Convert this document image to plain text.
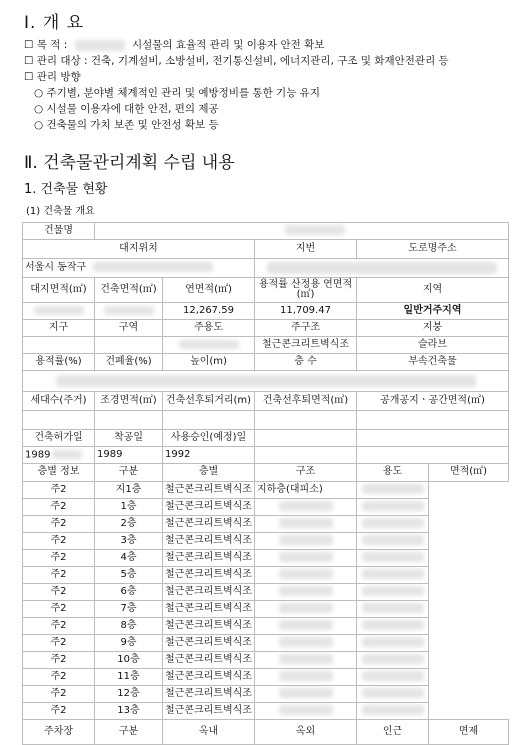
Ⅰ. 개 요
☐ 목 적 :	시설물의 효율적 관리 및 이용자 안전 확보
☐ 관리 대상 : 건축, 기계설비, 소방설비, 전기통신설비, 에너지관리, 구조 및 화재안전관리 등
☐ 관리 방향
○ 주기별, 분야별 체계적인 관리 및 예방정비를 통한 기능 유지
○ 시설물 이용자에 대한 안전, 편의 제공
○ 건축물의 가치 보존 및 안전성 확보 등
Ⅱ. 건축물관리계획 수립 내용
1. 건축물 현황
(1) 건축물 개요
건물명					
대지위치			지번	도로명주소	
서울시 동작구					
대지면적(㎡)	건축면적(㎡)	연면적(㎡)	용적률 산정용 연면적(㎡)	지역	
		12,267.59	11,709.47	일반거주지역	
지구	구역	주용도	주구조	지붕	
			철근콘크리트벽식조	슬라브	
용적률(%)	건폐율(%)	높이(m)	층 수	부속건축물	

세대수(주거)	조경면적(㎡)	건축선후퇴거리(m)	건축선후퇴면적(㎡)	공개공지ㆍ공간면적(㎡)	

건축허가일	착공일	사용승인(예정)일			
1989	1989	1992			
층별 정보	구분	층별	구조	용도	면적(㎡)
주2	지1층	철근콘크리트벽식조	지하층(대피소)		
주2	1층	철근콘크리트벽식조			
주2	2층	철근콘크리트벽식조			
주2	3층	철근콘크리트벽식조			
주2	4층	철근콘크리트벽식조			
주2	5층	철근콘크리트벽식조			
주2	6층	철근콘크리트벽식조			
주2	7층	철근콘크리트벽식조			
주2	8층	철근콘크리트벽식조			
주2	9층	철근콘크리트벽식조			
주2	10층	철근콘크리트벽식조			
주2	11층	철근콘크리트벽식조			
주2	12층	철근콘크리트벽식조			
주2	13층	철근콘크리트벽식조			
주차장	구분	옥내	옥외	인근	면제
